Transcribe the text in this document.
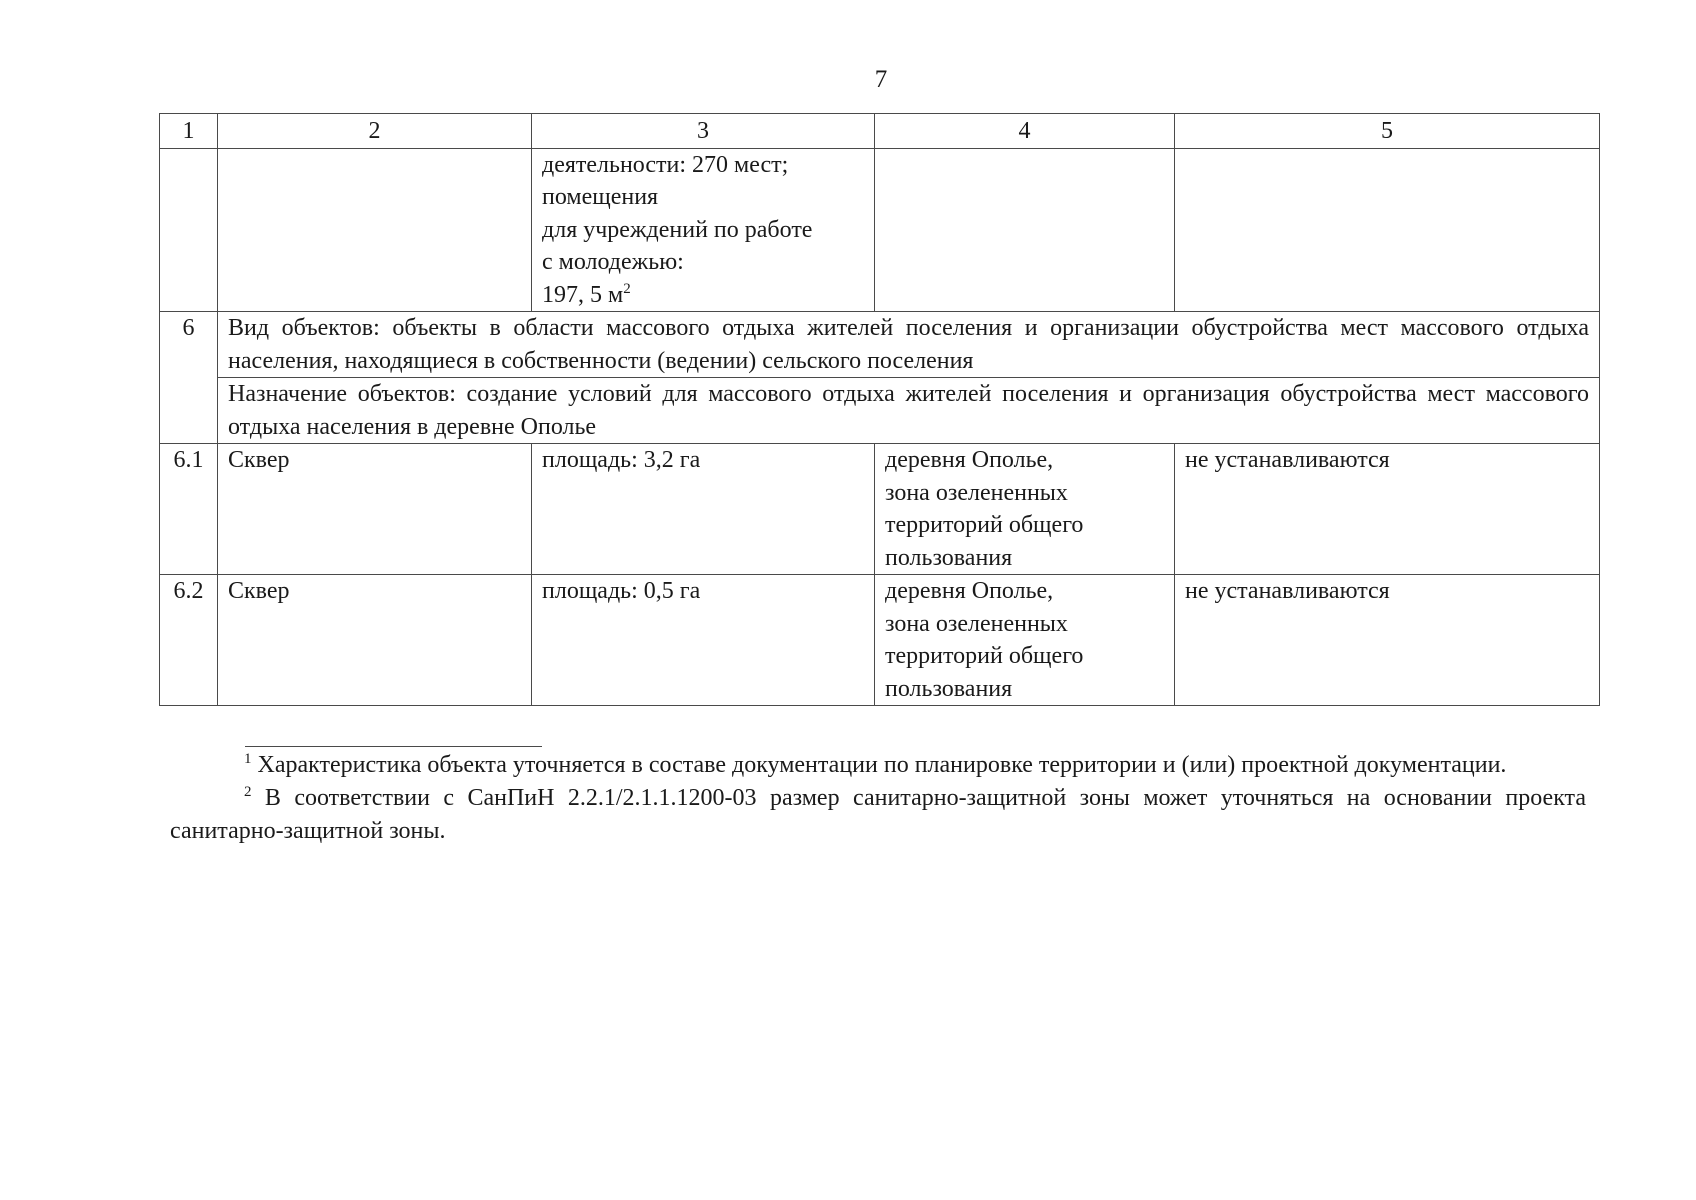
7
1	2	3	4	5
		деятельности: 270 мест;
помещения
для учреждений по работе
с молодежью:
197, 5 $м^2$		
6	Вид объектов: объекты в области массового отдыха жителей поселения и организации обустройства мест массового отдыха населения, находящиеся в собственности (ведении) сельского поселения			
	Назначение объектов: создание условий для массового отдыха жителей поселения и организация обустройства мест массового отдыха населения в деревне Ополье			
6.1	Сквер	площадь: 3,2 га	деревня Ополье,
зона озелененных
территорий общего
пользования	не устанавливаются
6.2	Сквер	площадь: 0,5 га	деревня Ополье,
зона озелененных
территорий общего
пользования	не устанавливаются

$^1$ Характеристика объекта уточняется в составе документации по планировке территории и (или) проектной документации.

$^2$ В соответствии с СанПиН 2.2.1/2.1.1.1200-03 размер санитарно-защитной зоны может уточняться на основании проекта санитарно-защитной зоны.
